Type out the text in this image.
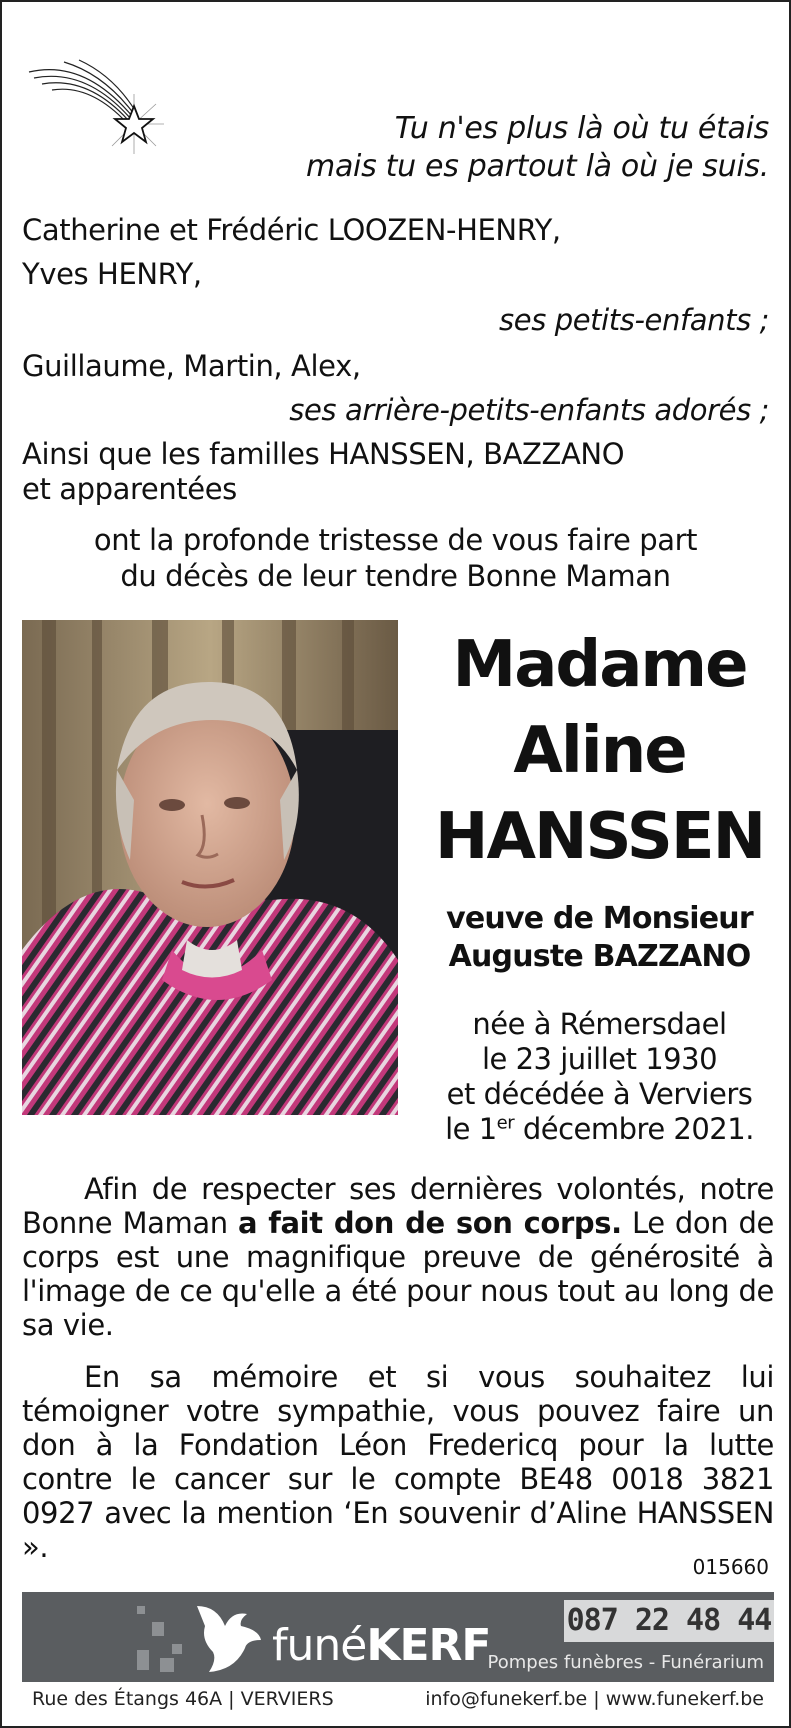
Tu n'es plus là où tu étais
mais tu es partout là où je suis.
Catherine et Frédéric LOOZEN-HENRY,
Yves HENRY,
ses petits-enfants ;
Guillaume, Martin, Alex,
ses arrière-petits-enfants adorés ;
Ainsi que les familles HANSSEN, BAZZANO
et apparentées
ont la profonde tristesse de vous faire part
du décès de leur tendre Bonne Maman
Madame
Aline
HANSSEN
veuve de Monsieur
Auguste BAZZANO
née à Rémersdael
le 23 juillet 1930
et décédée à Verviers
le 1er décembre 2021.
Afin de respecter ses dernières volontés, notre Bonne Maman a fait don de son corps. Le don de corps est une magnifique preuve de générosité à l'image de ce qu'elle a été pour nous tout au long de sa vie.
En sa mémoire et si vous souhaitez lui témoigner votre sympathie, vous pouvez faire un don à la Fondation Léon Fredericq pour la lutte contre le cancer sur le compte BE48 0018 3821 0927 avec la mention ‘En souvenir d’Aline HANSSEN ».
015660
funéKERF	087 22 48 44
Pompes funèbres - Funérarium
Rue des Étangs 46A | VERVIERS	info@funekerf.be | www.funekerf.be
